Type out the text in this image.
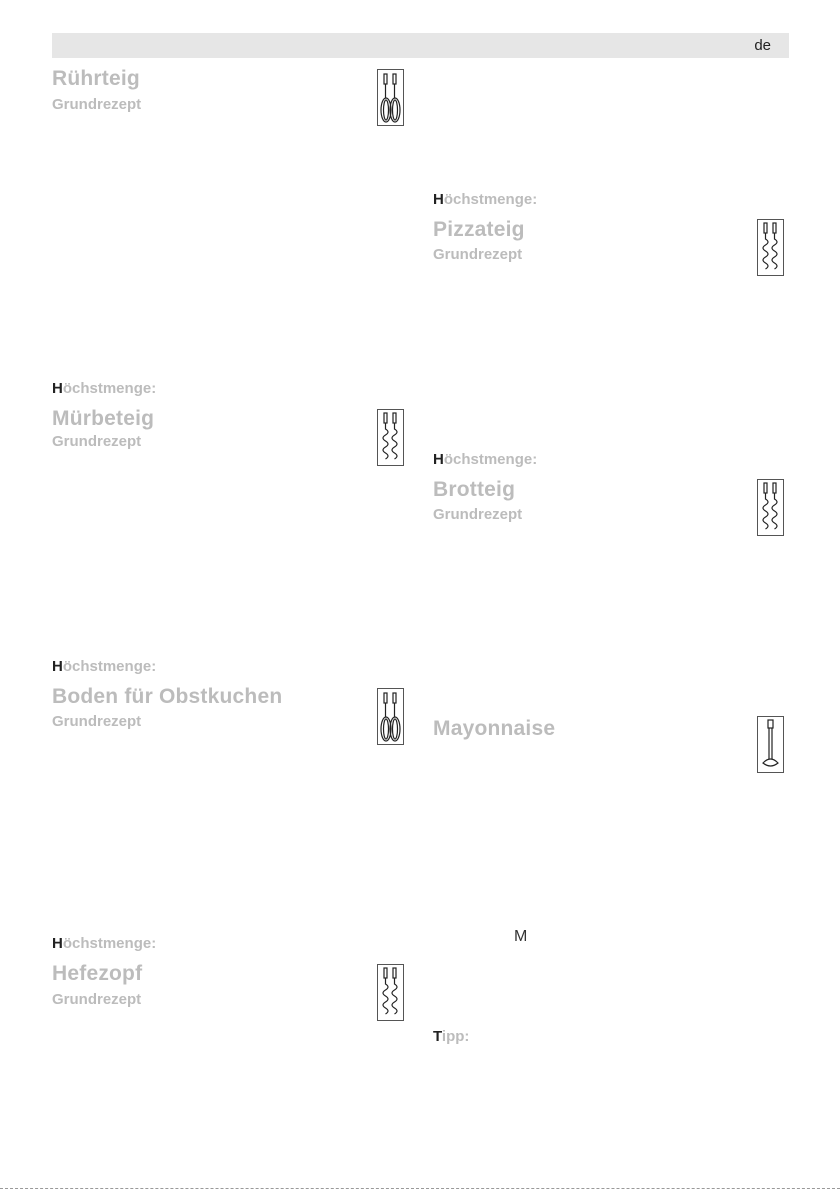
de
Rührteig
Grundrezept
Höchstmenge:
Mürbeteig
Grundrezept
Höchstmenge:
Boden für Obstkuchen
Grundrezept
Höchstmenge:
Hefezopf
Grundrezept
Höchstmenge:
Pizzateig
Grundrezept
Höchstmenge:
Brotteig
Grundrezept
Mayonnaise
M
Tipp:
